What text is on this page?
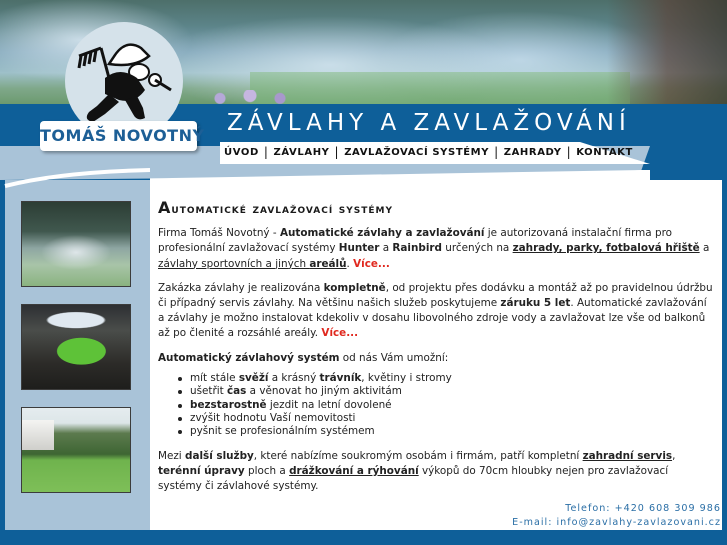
ZÁVLAHY A ZAVLAŽOVÁNÍ
ÚVOD | ZÁVLAHY | ZAVLAŽOVACÍ SYSTÉMY | ZAHRADY | KONTAKT
TOMÁŠ NOVOTNÝ
Automatické zavlažovací systémy

Firma Tomáš Novotný - Automatické závlahy a zavlažování je autorizovaná instalační firma pro profesionální zavlažovací systémy Hunter a Rainbird určených na zahrady, parky, fotbalová hřiště a závlahy sportovních a jiných areálů. Více...

Zakázka závlahy je realizována kompletně, od projektu přes dodávku a montáž až po pravidelnou údržbu či případný servis závlahy. Na většinu našich služeb poskytujeme záruku 5 let. Automatické zavlažování a závlahy je možno instalovat kdekoliv v dosahu libovolného zdroje vody a zavlažovat lze vše od balkonů až po členité a rozsáhlé areály. Více...

Automatický závlahový systém od nás Vám umožní:

mít stále svěží a krásný trávník, květiny i stromy
ušetřit čas a věnovat ho jiným aktivitám
bezstarostně jezdit na letní dovolené
zvýšit hodnotu Vaší nemovitosti
pyšnit se profesionálním systémem

Mezi další služby, které nabízíme soukromým osobám i firmám, patří kompletní zahradní servis, terénní úpravy ploch a drážkování a rýhování výkopů do 70cm hloubky nejen pro zavlažovací systémy či závlahové systémy.

Telefon: +420 608 309 986
E-mail: info@zavlahy-zavlazovani.cz
